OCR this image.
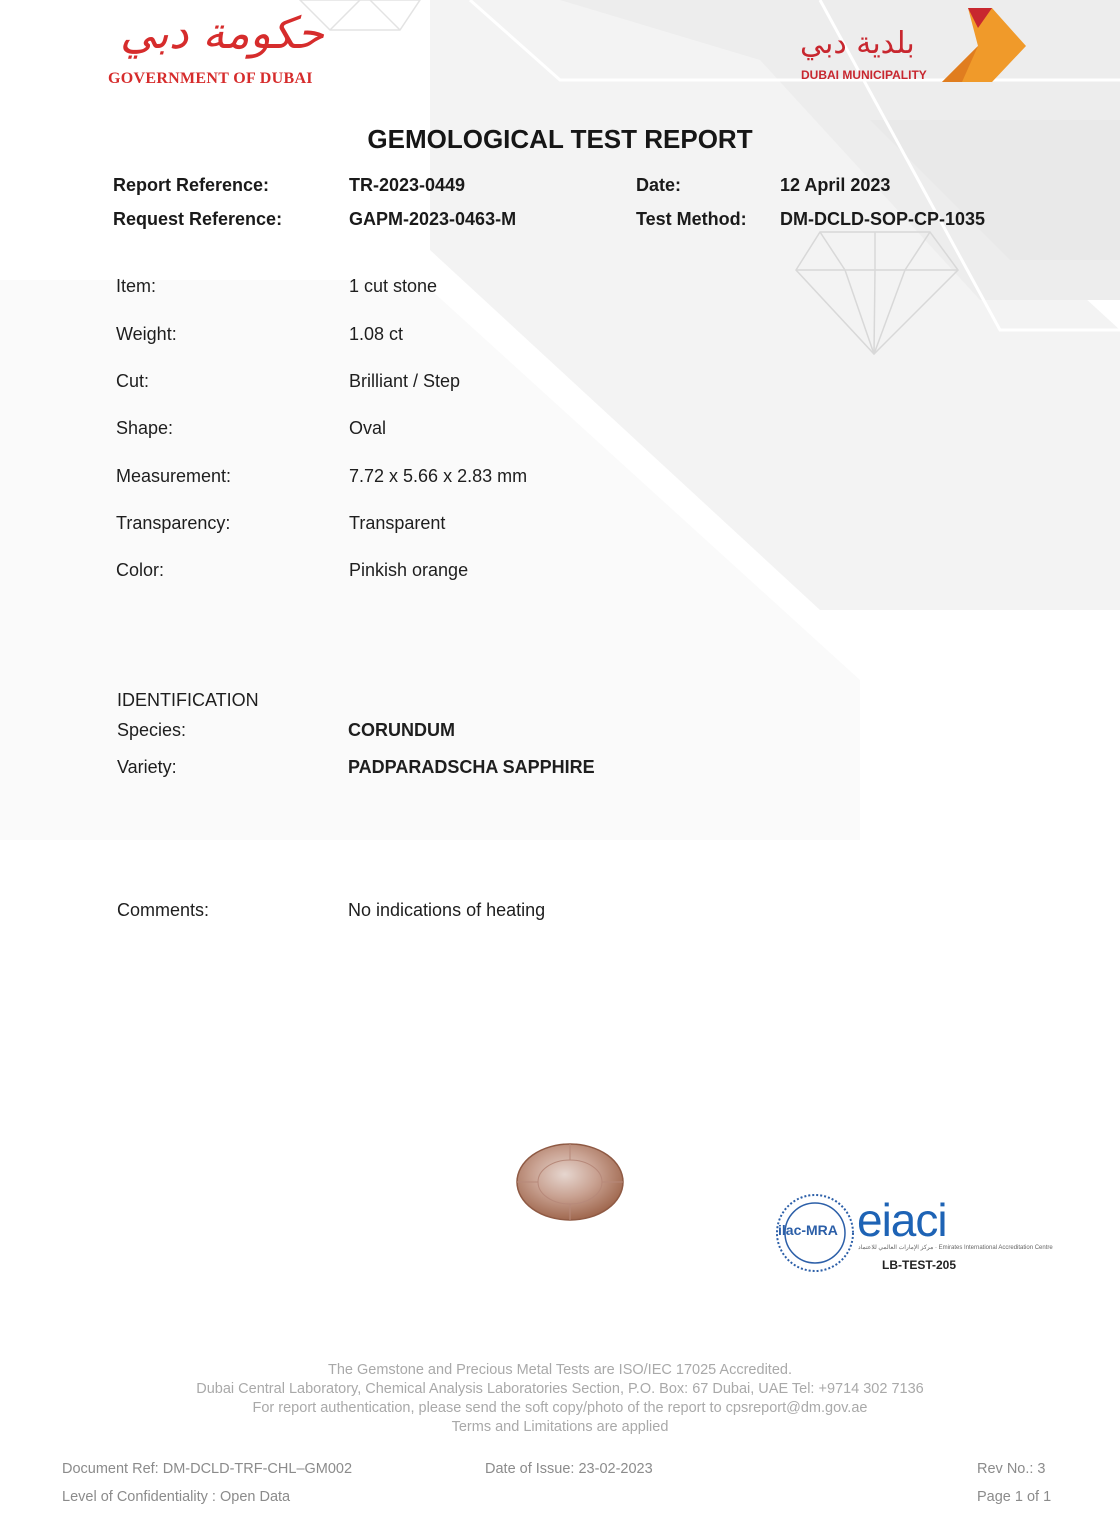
حكومة دبي
GOVERNMENT OF DUBAI
بلدية دبي
DUBAI MUNICIPALITY
GEMOLOGICAL TEST REPORT
Report Reference:	TR-2023-0449	Date:	12 April 2023
Request Reference:	GAPM-2023-0463-M	Test Method: DM-DCLD-SOP-CP-1035
Item:	1 cut stone
Weight:	1.08 ct
Cut:	Brilliant / Step
Shape:	Oval
Measurement:	7.72 x 5.66 x 2.83 mm
Transparency:	Transparent
Color:	Pinkish orange
IDENTIFICATION
Species:	CORUNDUM
Variety:	PADPARADSCHA SAPPHIRE
Comments:	No indications of heating
ilac-MRA eiaci
مركز الإمارات العالمي للاعتماد · Emirates International Accreditation Centre
LB-TEST-205
The Gemstone and Precious Metal Tests are ISO/IEC 17025 Accredited.
Dubai Central Laboratory, Chemical Analysis Laboratories Section, P.O. Box: 67 Dubai, UAE Tel: +9714 302 7136
For report authentication, please send the soft copy/photo of the report to cpsreport@dm.gov.ae
Terms and Limitations are applied
Document Ref: DM-DCLD-TRF-CHL–GM002	Date of Issue: 23-02-2023	Rev No.: 3
Level of Confidentiality : Open Data	Page 1 of 1
